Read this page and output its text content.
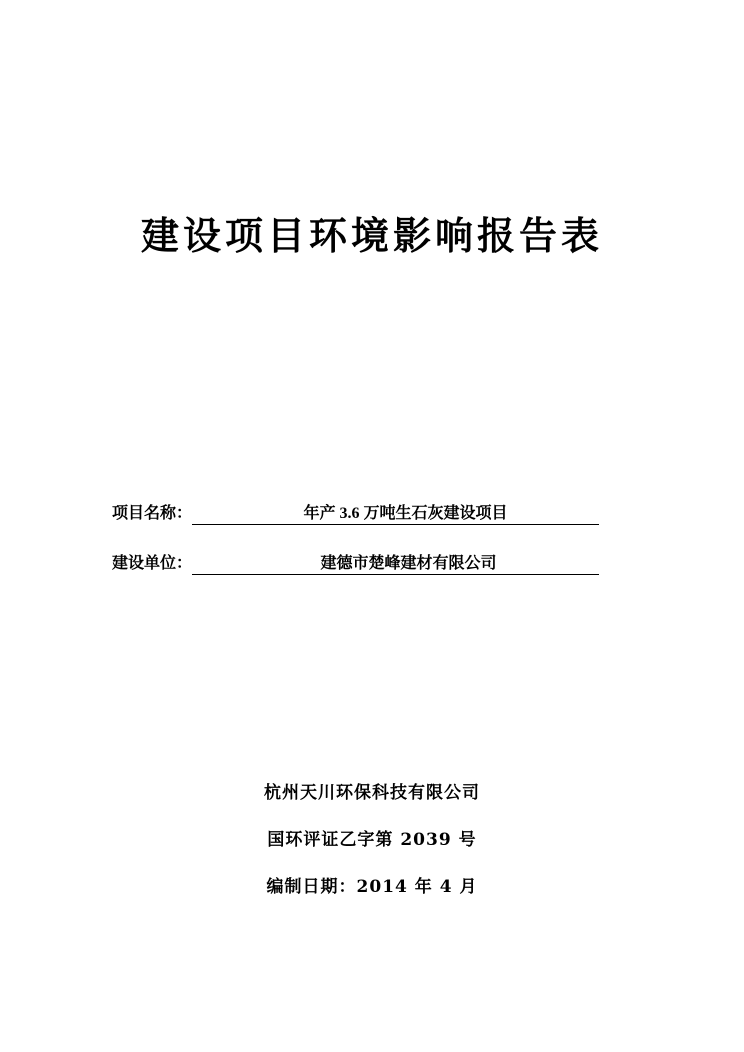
建设项目环境影响报告表
项目名称：	年产 3.6 万吨生石灰建设项目
建设单位：	建德市楚峰建材有限公司
杭州天川环保科技有限公司
国环评证乙字第 2039 号
编制日期：2014 年 4 月
